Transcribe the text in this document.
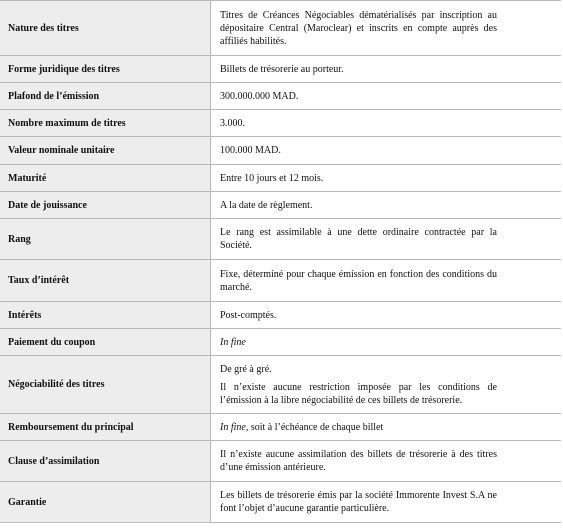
Nature des titres	Titres de Créances Négociables dématérialisés par inscription au dépositaire Central (Maroclear) et inscrits en compte auprès des affiliés habilités.

Forme juridique des titres	Billets de trésorerie au porteur.

Plafond de l’émission	300.000.000 MAD.

Nombre maximum de titres	3.000.

Valeur nominale unitaire	100.000 MAD.

Maturité	Entre 10 jours et 12 mois.

Date de jouissance	A la date de règlement.

Rang	Le rang est assimilable à une dette ordinaire contractée par la Société.

Taux d’intérêt	Fixe, déterminé pour chaque émission en fonction des conditions du marché.

Intérêts	Post-comptés.

Paiement du coupon	In fine

Négociabilité des titres	De gré à gré.

Il n’existe aucune restriction imposée par les conditions de l’émission à la libre négociabilité de ces billets de trésorerie.

Remboursement du principal	In fine, soit à l’échéance de chaque billet

Clause d’assimilation	Il n’existe aucune assimilation des billets de trésorerie à des titres d’une émission antérieure.

Garantie	Les billets de trésorerie émis par la société Immorente Invest S.A ne font l’objet d’aucune garantie particulière.
